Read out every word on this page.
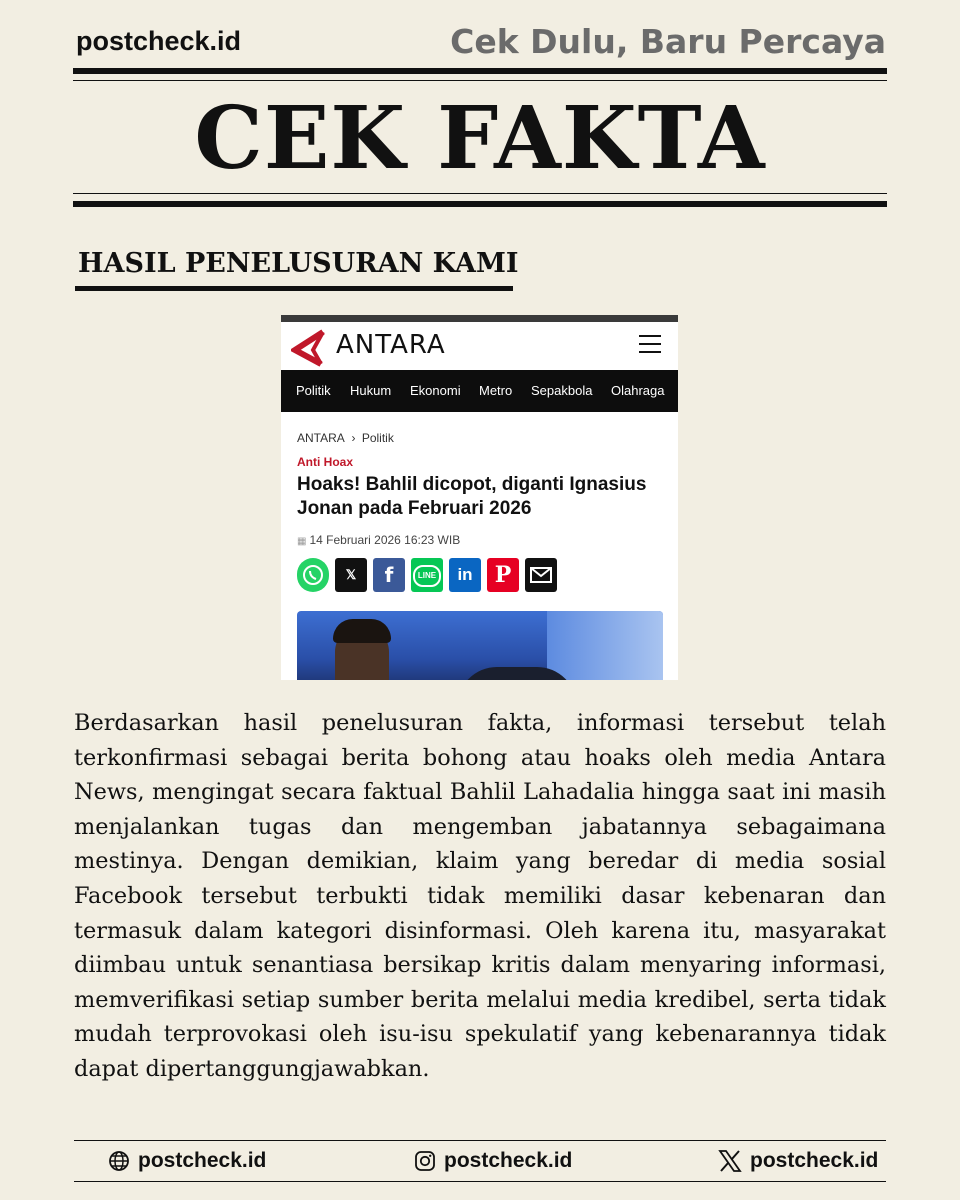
postcheck.id	Cek Dulu, Baru Percaya
CEK FAKTA
HASIL PENELUSURAN KAMI
ANTARA
Politik Hukum Ekonomi Metro Sepakbola Olahraga
ANTARA › Politik
Anti Hoax
Hoaks! Bahlil dicopot, diganti Ignasius Jonan pada Februari 2026
▦ 14 Februari 2026 16:23 WIB
𝕏	f	LINE	in	P
Berdasarkan hasil penelusuran fakta, informasi tersebut telah terkonfirmasi sebagai berita bohong atau hoaks oleh media Antara News, mengingat secara faktual Bahlil Lahadalia hingga saat ini masih menjalankan tugas dan mengemban jabatannya sebagaimana mestinya. Dengan demikian, klaim yang beredar di media sosial Facebook tersebut terbukti tidak memiliki dasar kebenaran dan termasuk dalam kategori disinformasi. Oleh karena itu, masyarakat diimbau untuk senantiasa bersikap kritis dalam menyaring informasi, memverifikasi setiap sumber berita melalui media kredibel, serta tidak mudah terprovokasi oleh isu-isu spekulatif yang kebenarannya tidak dapat dipertanggungjawabkan.
postcheck.id	postcheck.id	postcheck.id
